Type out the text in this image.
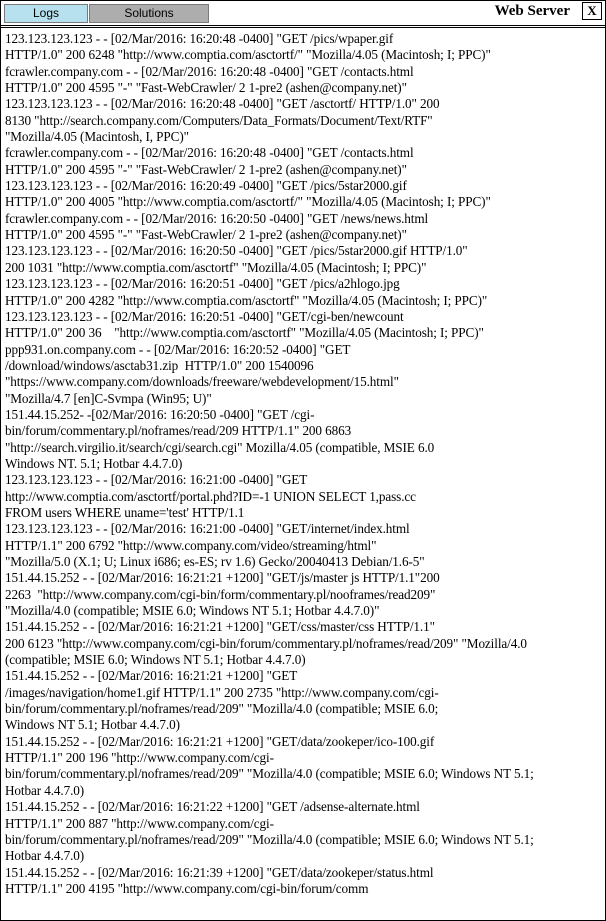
Logs	Solutions	Web Server	X
123.123.123.123 - - [02/Mar/2016: 16:20:48 -0400] "GET /pics/wpaper.gif
HTTP/1.0" 200 6248 "http://www.comptia.com/asctortf/" "Mozilla/4.05 (Macintosh; I; PPC)"
fcrawler.company.com - - [02/Mar/2016: 16:20:48 -0400] "GET /contacts.html
HTTP/1.0" 200 4595 "-" "Fast-WebCrawler/ 2 1-pre2 (ashen@company.net)"
123.123.123.123 - - [02/Mar/2016: 16:20:48 -0400] "GET /asctortf/ HTTP/1.0" 200
8130 "http://search.company.com/Computers/Data_Formats/Document/Text/RTF"
"Mozilla/4.05 (Macintosh, I, PPC)"
fcrawler.company.com - - [02/Mar/2016: 16:20:48 -0400] "GET /contacts.html
HTTP/1.0" 200 4595 "-" "Fast-WebCrawler/ 2 1-pre2 (ashen@company.net)"
123.123.123.123 - - [02/Mar/2016: 16:20:49 -0400] "GET /pics/5star2000.gif
HTTP/1.0" 200 4005 "http://www.comptia.com/asctortf/" "Mozilla/4.05 (Macintosh; I; PPC)"
fcrawler.company.com - - [02/Mar/2016: 16:20:50 -0400] "GET /news/news.html
HTTP/1.0" 200 4595 "-" "Fast-WebCrawler/ 2 1-pre2 (ashen@company.net)"
123.123.123.123 - - [02/Mar/2016: 16:20:50 -0400] "GET /pics/5star2000.gif HTTP/1.0"
200 1031 "http://www.comptia.com/asctortf" "Mozilla/4.05 (Macintosh; I; PPC)"
123.123.123.123 - - [02/Mar/2016: 16:20:51 -0400] "GET /pics/a2hlogo.jpg
HTTP/1.0" 200 4282 "http://www.comptia.com/asctortf" "Mozilla/4.05 (Macintosh; I; PPC)"
123.123.123.123 - - [02/Mar/2016: 16:20:51 -0400] "GET/cgi-ben/newcount
HTTP/1.0" 200 36    "http://www.comptia.com/asctortf" "Mozilla/4.05 (Macintosh; I; PPC)"
ppp931.on.company.com - - [02/Mar/2016: 16:20:52 -0400] "GET
/download/windows/asctab31.zip  HTTP/1.0" 200 1540096
"https://www.company.com/downloads/freeware/webdevelopment/15.html"
"Mozilla/4.7 [en]C-Svmpa (Win95; U)"
151.44.15.252- -[02/Mar/2016: 16:20:50 -0400] "GET /cgi-
bin/forum/commentary.pl/noframes/read/209 HTTP/1.1" 200 6863
"http://search.virgilio.it/search/cgi/search.cgi" Mozilla/4.05 (compatible, MSIE 6.0
Windows NT. 5.1; Hotbar 4.4.7.0)
123.123.123.123 - - [02/Mar/2016: 16:21:00 -0400] "GET
http://www.comptia.com/asctortf/portal.phd?ID=-1 UNION SELECT 1,pass.cc
FROM users WHERE uname='test' HTTP/1.1
123.123.123.123 - - [02/Mar/2016: 16:21:00 -0400] "GET/internet/index.html
HTTP/1.1" 200 6792 "http://www.company.com/video/streaming/html"
"Mozilla/5.0 (X.1; U; Linux i686; es-ES; rv 1.6) Gecko/20040413 Debian/1.6-5"
151.44.15.252 - - [02/Mar/2016: 16:21:21 +1200] "GET/js/master js HTTP/1.1"200
2263  "http://www.company.com/cgi-bin/form/commentary.pl/nooframes/read209"
"Mozilla/4.0 (compatible; MSIE 6.0; Windows NT 5.1; Hotbar 4.4.7.0)"
151.44.15.252 - - [02/Mar/2016: 16:21:21 +1200] "GET/css/master/css HTTP/1.1"
200 6123 "http://www.company.com/cgi-bin/forum/commentary.pl/noframes/read/209" "Mozilla/4.0
(compatible; MSIE 6.0; Windows NT 5.1; Hotbar 4.4.7.0)
151.44.15.252 - - [02/Mar/2016: 16:21:21 +1200] "GET
/images/navigation/home1.gif HTTP/1.1" 200 2735 "http://www.company.com/cgi-
bin/forum/commentary.pl/noframes/read/209" "Mozilla/4.0 (compatible; MSIE 6.0;
Windows NT 5.1; Hotbar 4.4.7.0)
151.44.15.252 - - [02/Mar/2016: 16:21:21 +1200] "GET/data/zookeper/ico-100.gif
HTTP/1.1" 200 196 "http://www.company.com/cgi-
bin/forum/commentary.pl/noframes/read/209" "Mozilla/4.0 (compatible; MSIE 6.0; Windows NT 5.1;
Hotbar 4.4.7.0)
151.44.15.252 - - [02/Mar/2016: 16:21:22 +1200] "GET /adsense-alternate.html
HTTP/1.1" 200 887 "http://www.company.com/cgi-
bin/forum/commentary.pl/noframes/read/209" "Mozilla/4.0 (compatible; MSIE 6.0; Windows NT 5.1;
Hotbar 4.4.7.0)
151.44.15.252 - - [02/Mar/2016: 16:21:39 +1200] "GET/data/zookeper/status.html
HTTP/1.1" 200 4195 "http://www.company.com/cgi-bin/forum/comm
